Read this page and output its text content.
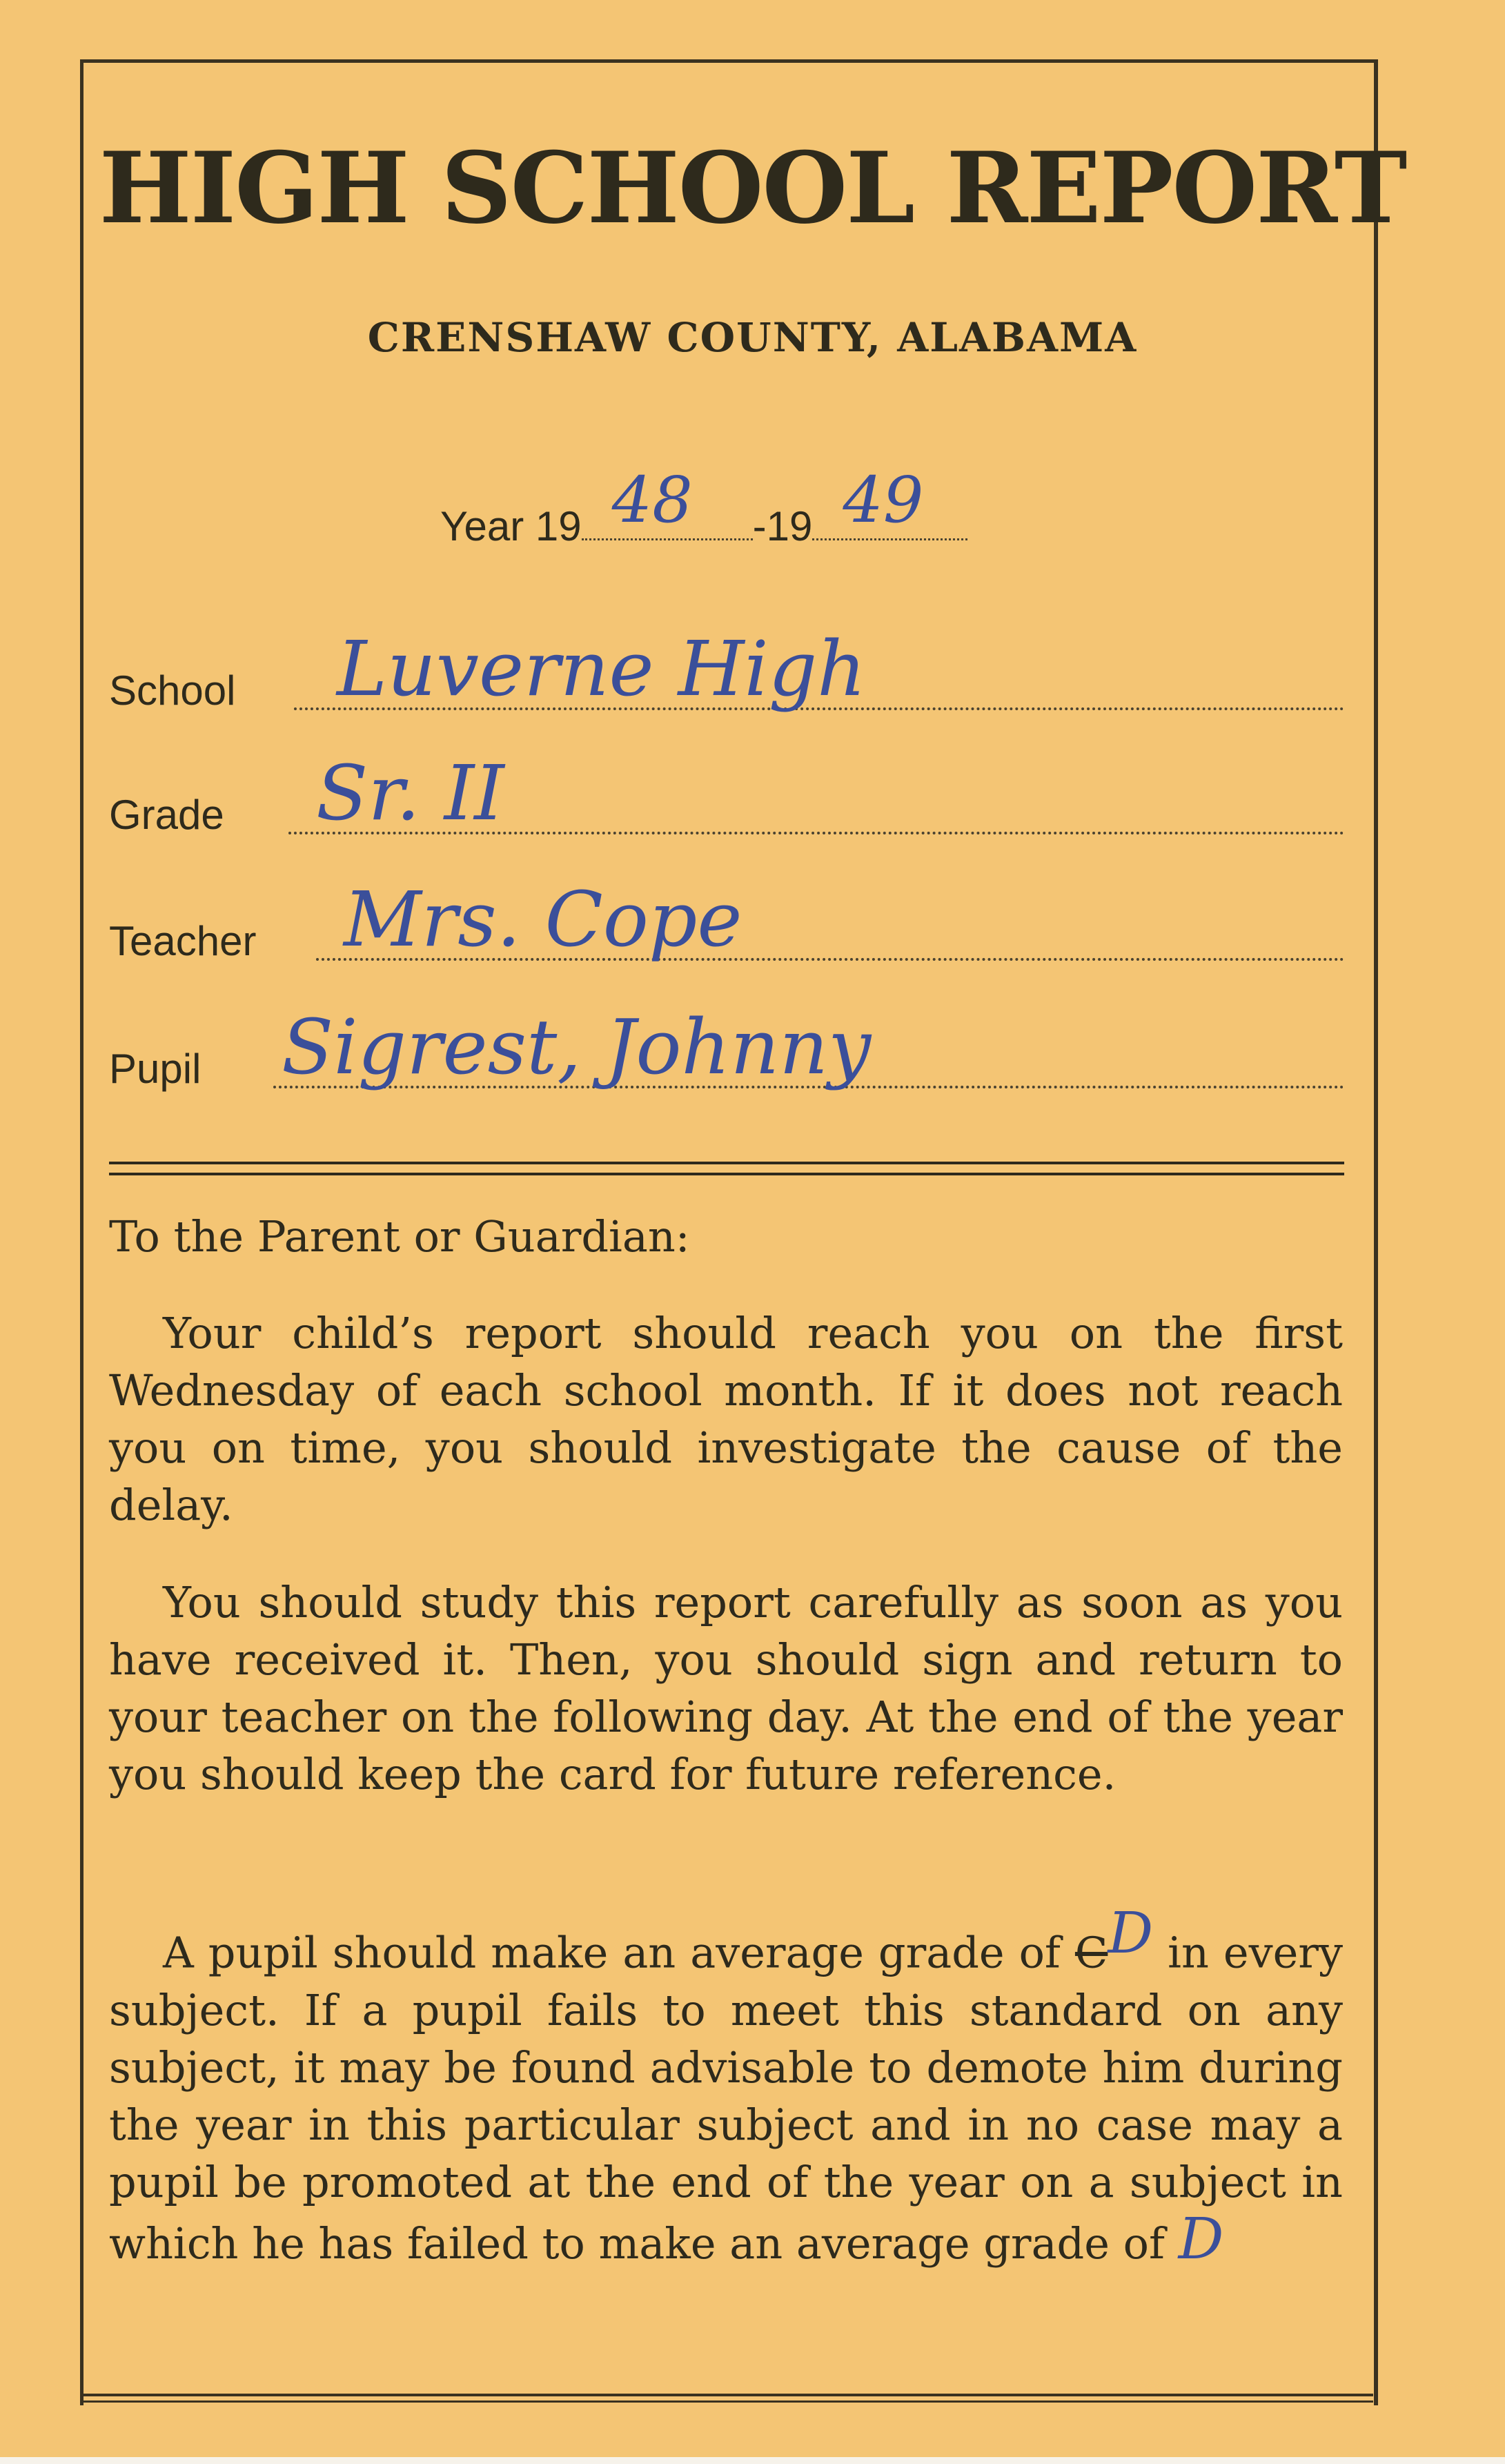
HIGH SCHOOL REPORT
CRENSHAW COUNTY, ALABAMA
Year 19 48 -19 49
School Luverne High
Grade Sr. II
Teacher Mrs. Cope
Pupil Sigrest, Johnny
To the Parent or Guardian:
Your child’s report should reach you on the first Wednesday of each school month. If it does not reach you on time, you should investigate the cause of the delay.
You should study this report carefully as soon as you have received it. Then, you should sign and return to your teacher on the following day. At the end of the year you should keep the card for future reference.
A pupil should make an average grade of $C^D$ in every subject. If a pupil fails to meet this standard on any subject, it may be found advisable to demote him during the year in this particular subject and in no case may a pupil be promoted at the end of the year on a subject in which he has failed to make an average grade of D
